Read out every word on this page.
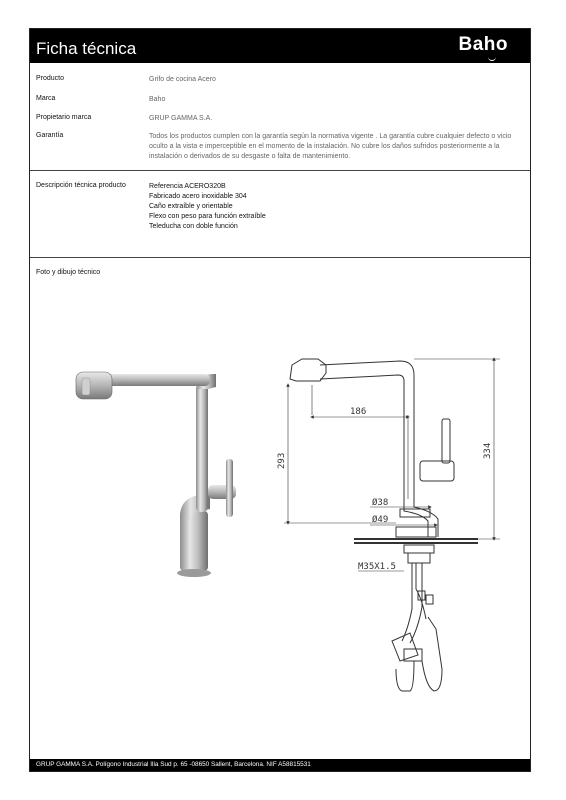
Ficha técnica	Baho
Producto	Grifo de cocina Acero
Marca	Baho
Propietario marca	GRUP GAMMA S.A.
Garantía	Todos los productos cumplen con la garantía según la normativa vigente . La garantía cubre cualquier defecto o vicio oculto a la vista e imperceptible en el momento de la instalación. No cubre los daños sufridos posteriormente a la instalación o derivados de su desgaste o falta de mantenimiento.
Descripción técnica producto	Referencia ACERO320B
Fabricado acero inoxidable 304
Caño extraíble y orientable
Flexo con peso para función extraíble
Teleducha con doble función
Foto y dibujo técnico
186
293
334
Ø38
Ø49
M35X1.5
GRUP GAMMA S.A. Polígono Industrial Illa Sud p. 65 -08650 Sallent, Barcelona. NIF A58815531
